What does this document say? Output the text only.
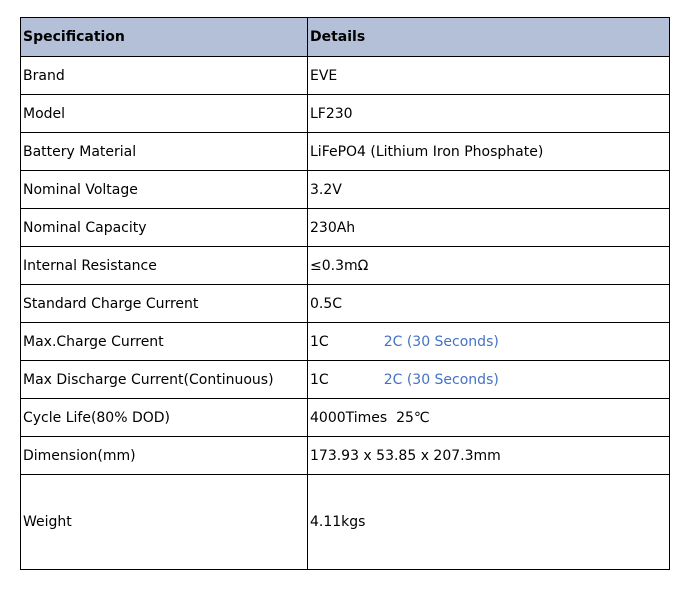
Specification	Details
Brand	EVE
Model	LF230
Battery Material	LiFePO4 (Lithium Iron Phosphate)
Nominal Voltage	3.2V
Nominal Capacity	230Ah
Internal Resistance	≤0.3mΩ
Standard Charge Current	0.5C
Max.Charge Current	1C 2C (30 Seconds)
Max Discharge Current(Continuous)	1C 2C (30 Seconds)
Cycle Life(80% DOD)	4000Times  25℃
Dimension(mm)	173.93 x 53.85 x 207.3mm
Weight	4.11kgs
